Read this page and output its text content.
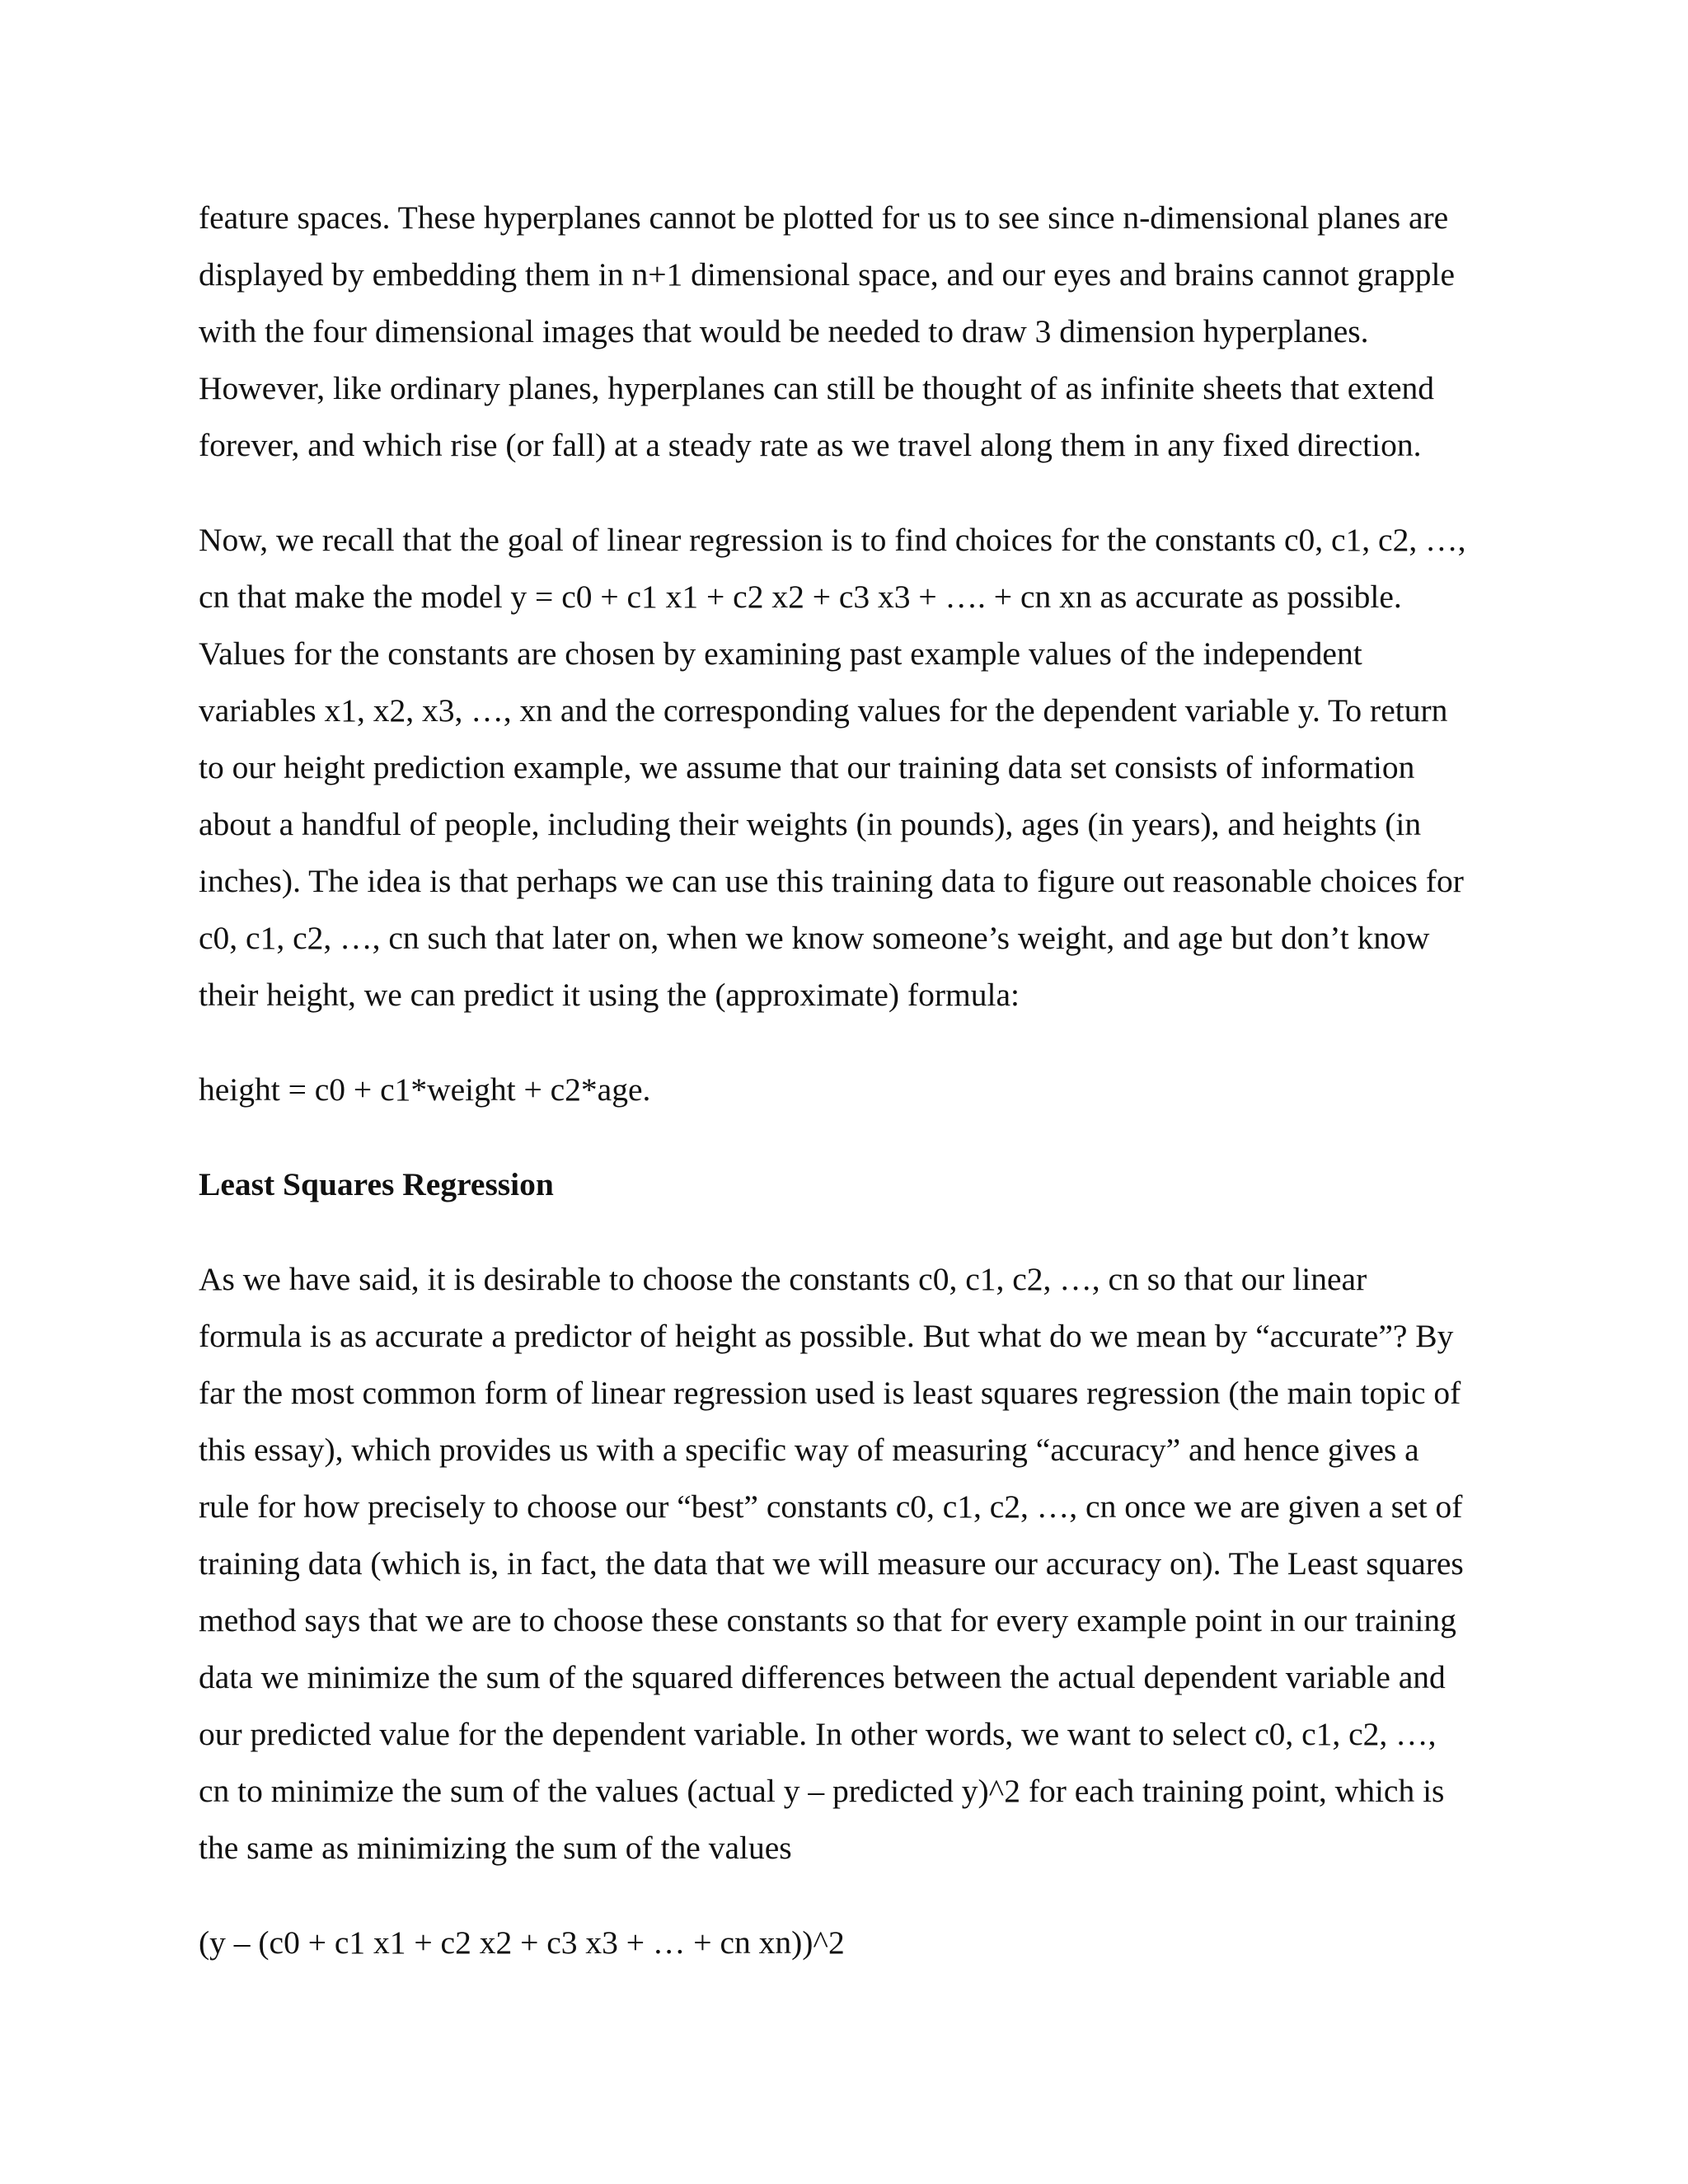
feature spaces. These hyperplanes cannot be plotted for us to see since n-dimensional planes are
displayed by embedding them in n+1 dimensional space, and our eyes and brains cannot grapple
with the four dimensional images that would be needed to draw 3 dimension hyperplanes.
However, like ordinary planes, hyperplanes can still be thought of as infinite sheets that extend
forever, and which rise (or fall) at a steady rate as we travel along them in any fixed direction.

Now, we recall that the goal of linear regression is to find choices for the constants c0, c1, c2, …,
cn that make the model y = c0 + c1 x1 + c2 x2 + c3 x3 + …. + cn xn as accurate as possible.
Values for the constants are chosen by examining past example values of the independent
variables x1, x2, x3, …, xn and the corresponding values for the dependent variable y. To return
to our height prediction example, we assume that our training data set consists of information
about a handful of people, including their weights (in pounds), ages (in years), and heights (in
inches). The idea is that perhaps we can use this training data to figure out reasonable choices for
c0, c1, c2, …, cn such that later on, when we know someone’s weight, and age but don’t know
their height, we can predict it using the (approximate) formula:

height = c0 + c1*weight + c2*age.

Least Squares Regression

As we have said, it is desirable to choose the constants c0, c1, c2, …, cn so that our linear
formula is as accurate a predictor of height as possible. But what do we mean by “accurate”? By
far the most common form of linear regression used is least squares regression (the main topic of
this essay), which provides us with a specific way of measuring “accuracy” and hence gives a
rule for how precisely to choose our “best” constants c0, c1, c2, …, cn once we are given a set of
training data (which is, in fact, the data that we will measure our accuracy on). The Least squares
method says that we are to choose these constants so that for every example point in our training
data we minimize the sum of the squared differences between the actual dependent variable and
our predicted value for the dependent variable. In other words, we want to select c0, c1, c2, …,
cn to minimize the sum of the values (actual y – predicted y)^2 for each training point, which is
the same as minimizing the sum of the values

(y – (c0 + c1 x1 + c2 x2 + c3 x3 + … + cn xn))^2
